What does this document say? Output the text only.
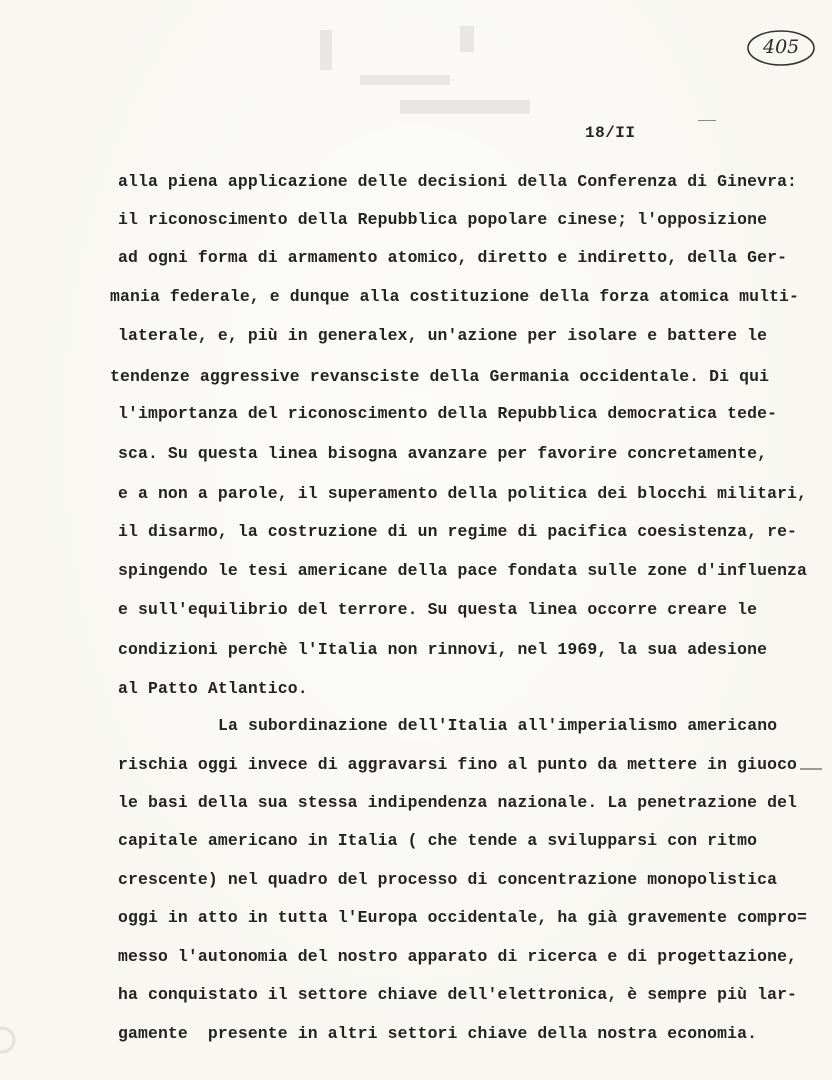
405
18/II
alla piena applicazione delle decisioni della Conferenza di Ginevra:
il riconoscimento della Repubblica popolare cinese; l'opposizione
ad ogni forma di armamento atomico, diretto e indiretto, della Ger-
mania federale, e dunque alla costituzione della forza atomica multi-
laterale, e, più in generalex, un'azione per isolare e battere le
tendenze aggressive revansciste della Germania occidentale. Di qui
l'importanza del riconoscimento della Repubblica democratica tede-
sca. Su questa linea bisogna avanzare per favorire concretamente,
e a non a parole, il superamento della politica dei blocchi militari,
il disarmo, la costruzione di un regime di pacifica coesistenza, re-
spingendo le tesi americane della pace fondata sulle zone d'influenza
e sull'equilibrio del terrore. Su questa linea occorre creare le
condizioni perchè l'Italia non rinnovi, nel 1969, la sua adesione
al Patto Atlantico.
La subordinazione dell'Italia all'imperialismo americano
rischia oggi invece di aggravarsi fino al punto da mettere in giuoco
le basi della sua stessa indipendenza nazionale. La penetrazione del
capitale americano in Italia ( che tende a svilupparsi con ritmo
crescente) nel quadro del processo di concentrazione monopolistica
oggi in atto in tutta l'Europa occidentale, ha già gravemente compro=
messo l'autonomia del nostro apparato di ricerca e di progettazione,
ha conquistato il settore chiave dell'elettronica, è sempre più lar-
gamente  presente in altri settori chiave della nostra economia.
